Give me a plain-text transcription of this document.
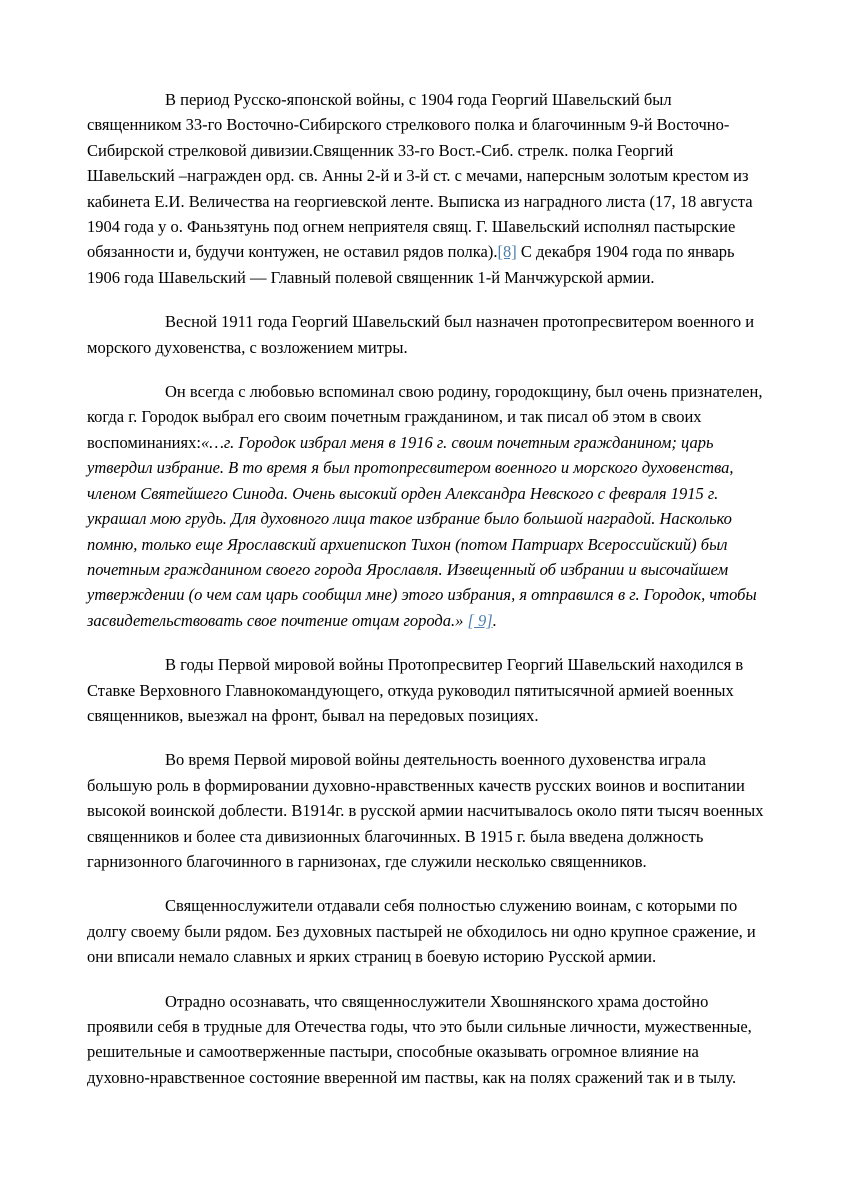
В период Русско-японской войны, с 1904 года Георгий Шавельский был священником 33-го Восточно-Сибирского стрелкового полка и благочинным 9-й Восточно-Сибирской стрелковой дивизии.Священник 33-го Вост.-Сиб. стрелк. полка Георгий Шавельский –награжден орд. св. Анны 2-й и 3-й ст. с мечами, наперсным золотым крестом из кабинета Е.И. Величества на георгиевской ленте. Выписка из наградного листа (17, 18 августа 1904 года у о. Фаньзятунь под огнем неприятеля свящ. Г. Шавельский исполнял пастырские обязанности и, будучи контужен, не оставил рядов полка).[8] С декабря 1904 года по январь 1906 года Шавельский — Главный полевой священник 1-й Манчжурской армии.

Весной 1911 года Георгий Шавельский был назначен протопресвитером военного и морского духовенства, с возложением митры.

Он всегда с любовью вспоминал свою родину, городокщину, был очень признателен, когда г. Городок выбрал его своим почетным гражданином, и так писал об этом в своих воспоминаниях:«…г. Городок избрал меня в 1916 г. своим почетным гражданином; царь утвердил избрание. В то время я был протопресвитером военного и морского духовенства, членом Святейшего Синода. Очень высокий орден Александра Невского с февраля 1915 г. украшал мою грудь. Для духовного лица такое избрание было большой наградой. Насколько помню, только еще Ярославский архиепископ Тихон (потом Патриарх Всероссийский) был почетным гражданином своего города Ярославля. Извещенный об избрании и высочайшем утверждении (о чем сам царь сообщил мне) этого избрания, я отправился в г. Городок, чтобы засвидетельствовать свое почтение отцам города.» [ 9].

В годы Первой мировой войны Протопресвитер Георгий Шавельский находился в Ставке Верховного Главнокомандующего, откуда руководил пятитысячной армией военных священников, выезжал на фронт, бывал на передовых позициях.

Во время Первой мировой войны деятельность военного духовенства играла большую роль в формировании духовно-нравственных качеств русских воинов и воспитании высокой воинской доблести. В1914г. в русской армии насчитывалось около пяти тысяч военных священников и более ста дивизионных благочинных. В 1915 г. была введена должность гарнизонного благочинного в гарнизонах, где служили несколько священников.

Священнослужители отдавали себя полностью служению воинам, с которыми по долгу своему были рядом. Без духовных пастырей не обходилось ни одно крупное сражение, и они вписали немало славных и ярких страниц в боевую историю Русской армии.

Отрадно осознавать, что священнослужители Хвошнянского храма достойно проявили себя в трудные для Отечества годы, что это были сильные личности, мужественные, решительные и самоотверженные пастыри, способные оказывать огромное влияние на духовно-нравственное состояние вверенной им паствы, как на полях сражений так и в тылу.
